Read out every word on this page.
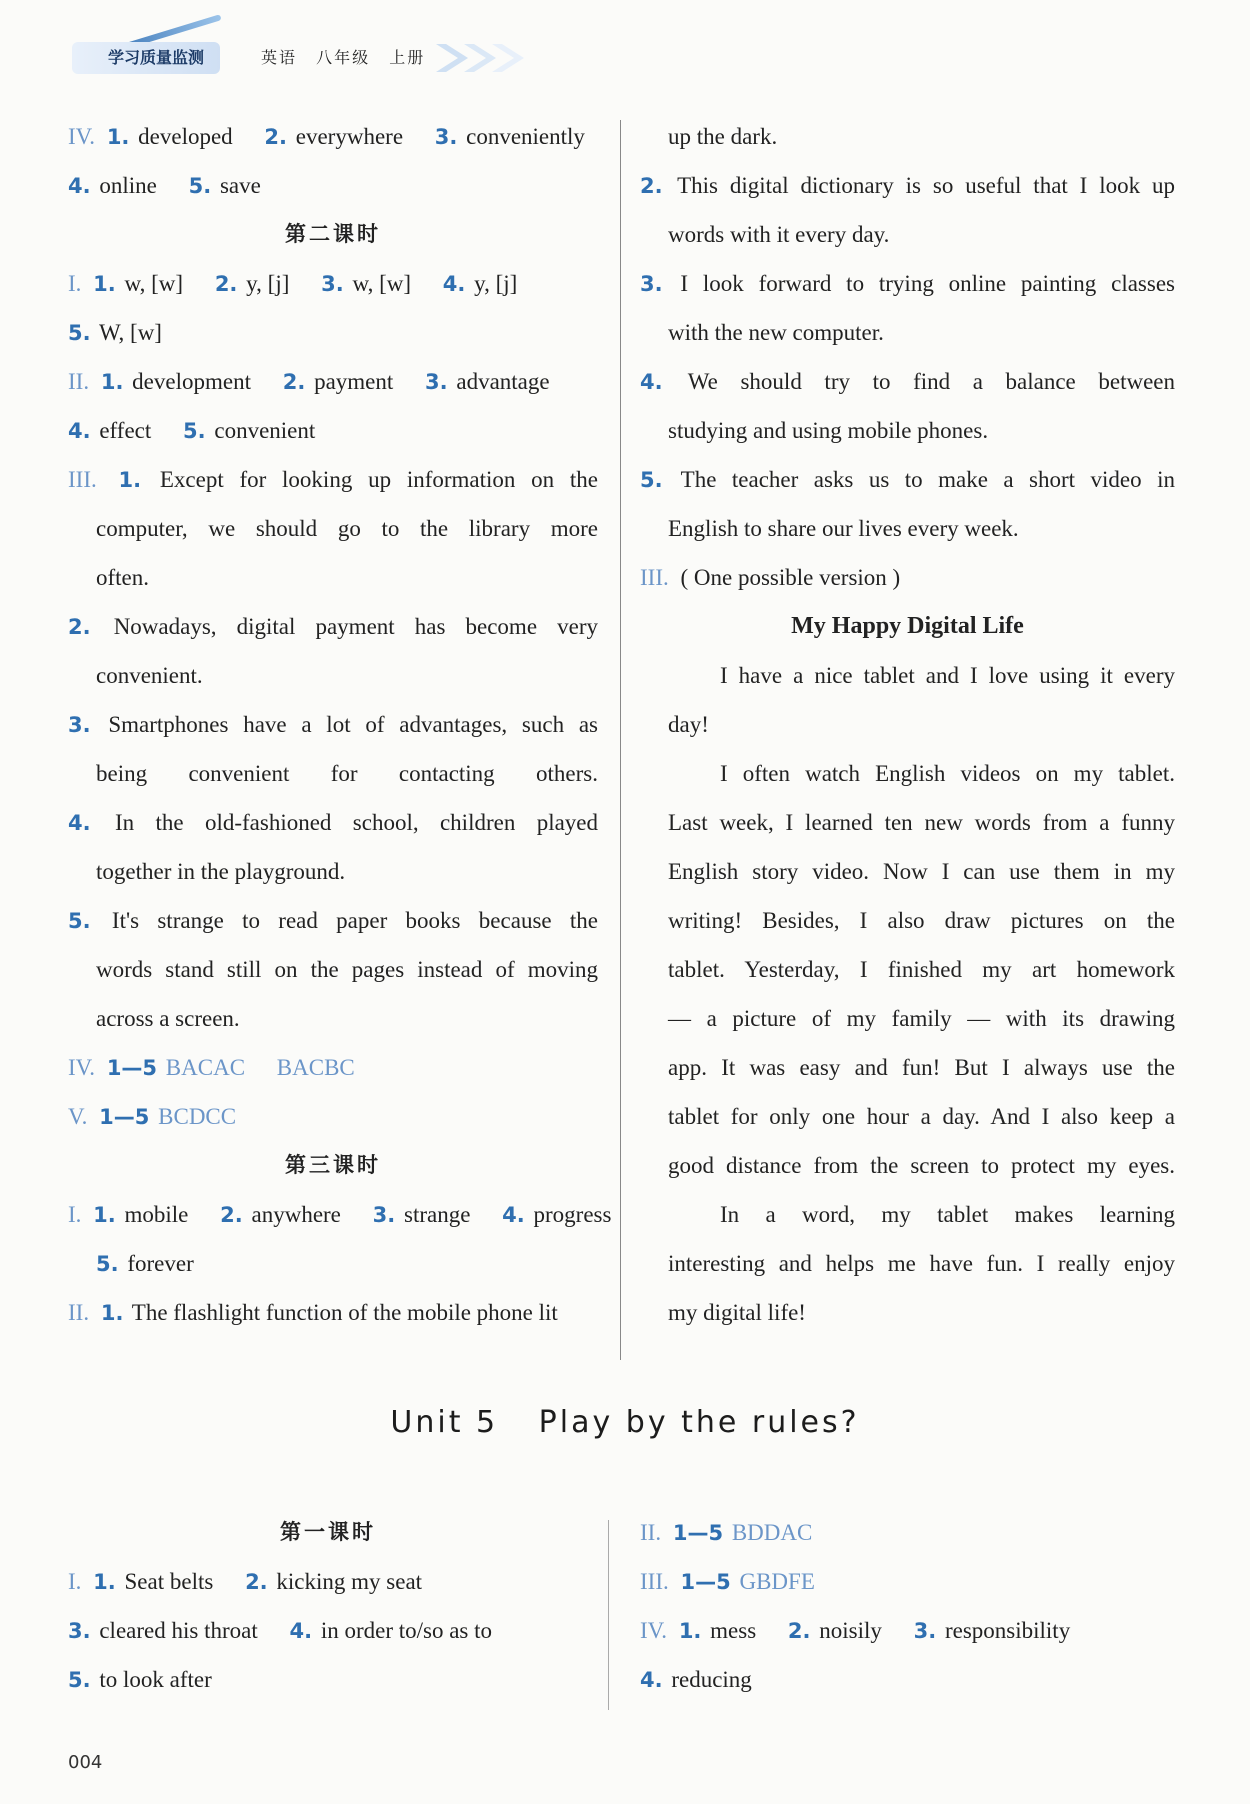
学习质量监测	英语 八年级 上册
IV. 1. developed 2. everywhere 3. conveniently
4. online 5. save
第二课时
I. 1. w, [w] 2. y, [j] 3. w, [w] 4. y, [j]
5. W, [w]
II. 1. development 2. payment 3. advantage
4. effect 5. convenient
III. 1. Except for looking up information on the
computer, we should go to the library more
often.
2. Nowadays, digital payment has become very
convenient.
3. Smartphones have a lot of advantages, such as
being convenient for contacting others.
4. In the old-fashioned school, children played
together in the playground.
5. It's strange to read paper books because the
words stand still on the pages instead of moving
across a screen.
IV. 1—5 BACAC BACBC
V. 1—5 BCDCC
第三课时
I. 1. mobile 2. anywhere 3. strange 4. progress
5. forever
II. 1. The flashlight function of the mobile phone lit
up the dark.
2. This digital dictionary is so useful that I look up
words with it every day.
3. I look forward to trying online painting classes
with the new computer.
4. We should try to find a balance between
studying and using mobile phones.
5. The teacher asks us to make a short video in
English to share our lives every week.
III. ( One possible version )
My Happy Digital Life
I have a nice tablet and I love using it every
day!
I often watch English videos on my tablet.
Last week, I learned ten new words from a funny
English story video. Now I can use them in my
writing! Besides, I also draw pictures on the
tablet. Yesterday, I finished my art homework
— a picture of my family — with its drawing
app. It was easy and fun! But I always use the
tablet for only one hour a day. And I also keep a
good distance from the screen to protect my eyes.
In a word, my tablet makes learning
interesting and helps me have fun. I really enjoy
my digital life!
Unit 5 Play by the rules?
第一课时
I. 1. Seat belts 2. kicking my seat
3. cleared his throat 4. in order to/so as to
5. to look after
II. 1—5 BDDAC
III. 1—5 GBDFE
IV. 1. mess 2. noisily 3. responsibility
4. reducing
004
